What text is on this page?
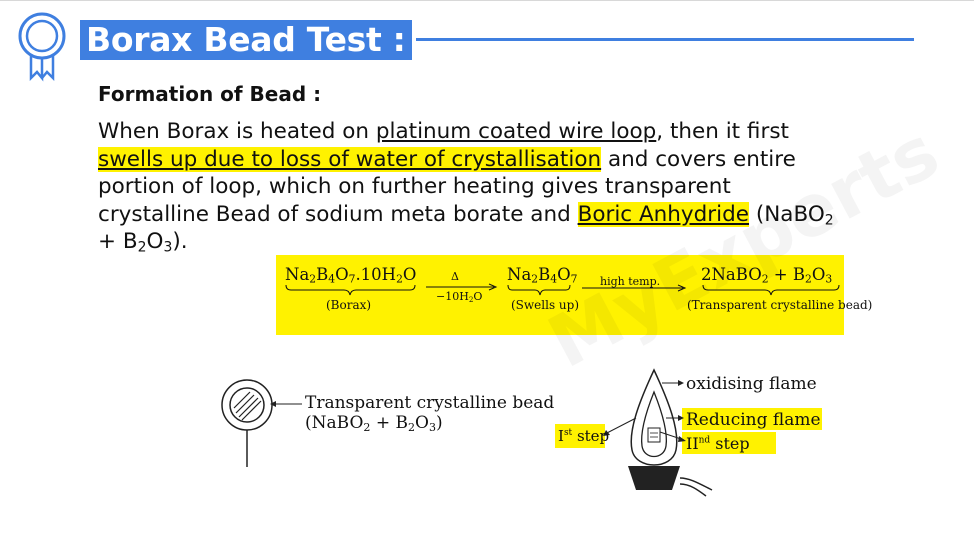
Borax Bead Test :
Formation of Bead :
When Borax is heated on platinum coated wire loop, then it first
swells up due to loss of water of crystallisation and covers entire
portion of loop, which on further heating gives transparent
crystalline Bead of sodium meta borate and Boric Anhydride (NaBO$_2$
+ $B_2O_3$).
$Na_2B_4O_7.10H_2O$
(Borax)
Δ
$-10H_2O$
$Na_2B_4O_7$
(Swells up)
high temp. 2NaBO$_2$ + $B_2O_3$
(Transparent crystalline bead)
Transparent crystalline bead
(NaBO$_2$ + $B_2O_3$)
oxidising flame
Reducing flame
Ist step	IInd step
